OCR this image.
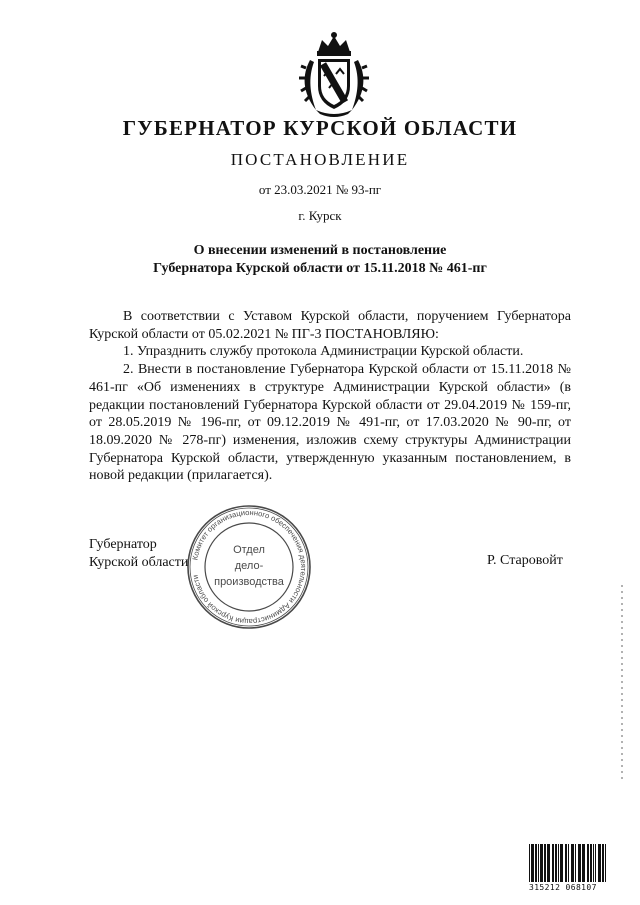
ГУБЕРНАТОР КУРСКОЙ ОБЛАСТИ
ПОСТАНОВЛЕНИЕ
от 23.03.2021 № 93-пг
г. Курск
О внесении изменений в постановление
Губернатора Курской области от 15.11.2018 № 461-пг

В соответствии с Уставом Курской области, поручением Губернатора Курской области от 05.02.2021 № ПГ-3 ПОСТАНОВЛЯЮ:

1. Упразднить службу протокола Администрации Курской области.

2. Внести в постановление Губернатора Курской области от 15.11.2018 № 461-пг «Об изменениях в структуре Администрации Курской области» (в редакции постановлений Губернатора Курской области от 29.04.2019 № 159-пг, от 28.05.2019 № 196-пг, от 09.12.2019 № 491-пг, от 17.03.2020 № 90-пг, от 18.09.2020 № 278-пг) изменения, изложив схему структуры Администрации Губернатора Курской области, утвержденную указанным постановлением, в новой редакции (прилагается).

Губернатор
Курской области Комитет организационного обеспечения деятельности Администрации Курской области
Отдел
дело-
производства
Р. Старовойт
315212 068107
